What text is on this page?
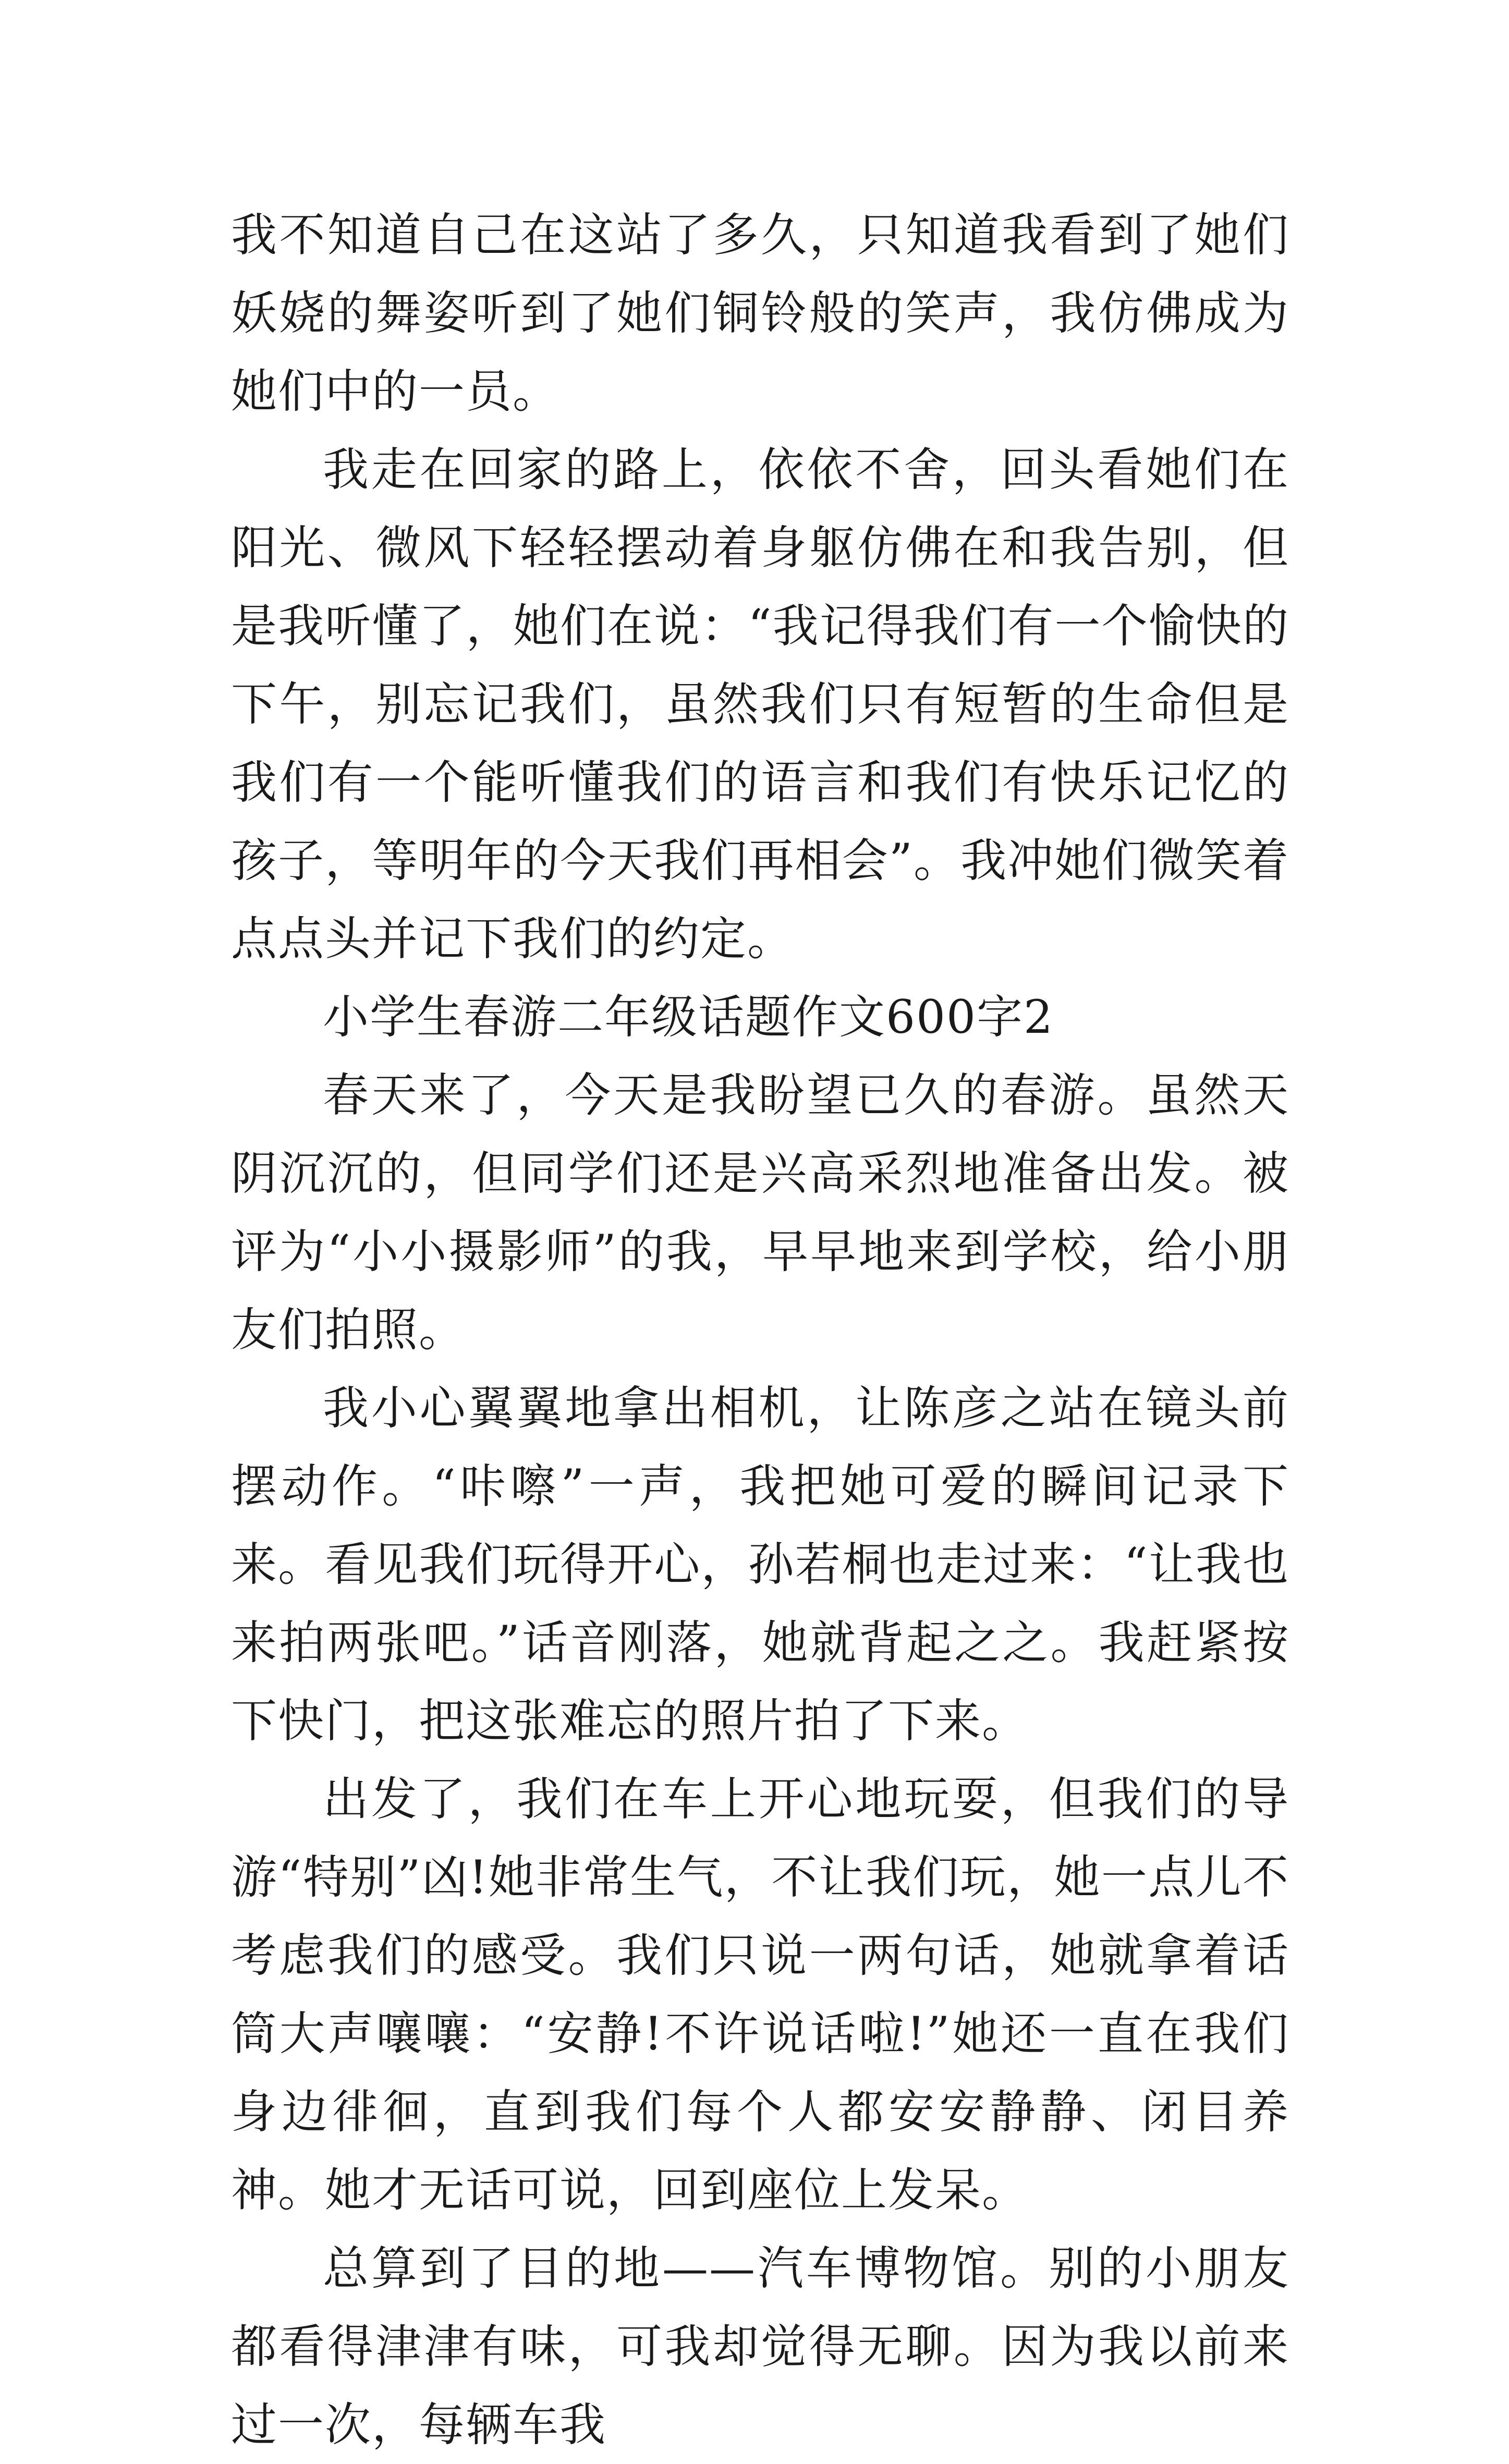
我不知道自己在这站了多久，只知道我看到了她们妖娆的舞姿听到了她们铜铃般的笑声，我仿佛成为她们中的一员。

我走在回家的路上，依依不舍，回头看她们在阳光、微风下轻轻摆动着身躯仿佛在和我告别，但是我听懂了，她们在说：“我记得我们有一个愉快的下午，别忘记我们，虽然我们只有短暂的生命但是我们有一个能听懂我们的语言和我们有快乐记忆的孩子，等明年的今天我们再相会”。我冲她们微笑着点点头并记下我们的约定。

小学生春游二年级话题作文600字2

春天来了，今天是我盼望已久的春游。虽然天阴沉沉的，但同学们还是兴高采烈地准备出发。被评为“小小摄影师”的我，早早地来到学校，给小朋友们拍照。

我小心翼翼地拿出相机，让陈彦之站在镜头前摆动作。“咔嚓”一声，我把她可爱的瞬间记录下来。看见我们玩得开心，孙若桐也走过来：“让我也来拍两张吧。”话音刚落，她就背起之之。我赶紧按下快门，把这张难忘的照片拍了下来。

出发了，我们在车上开心地玩耍，但我们的导游“特别”凶!她非常生气，不让我们玩，她一点儿不考虑我们的感受。我们只说一两句话，她就拿着话筒大声嚷嚷：“安静!不许说话啦!”她还一直在我们身边徘徊，直到我们每个人都安安静静、闭目养神。她才无话可说，回到座位上发呆。

总算到了目的地——汽车博物馆。别的小朋友都看得津津有味，可我却觉得无聊。因为我以前来过一次，每辆车我
